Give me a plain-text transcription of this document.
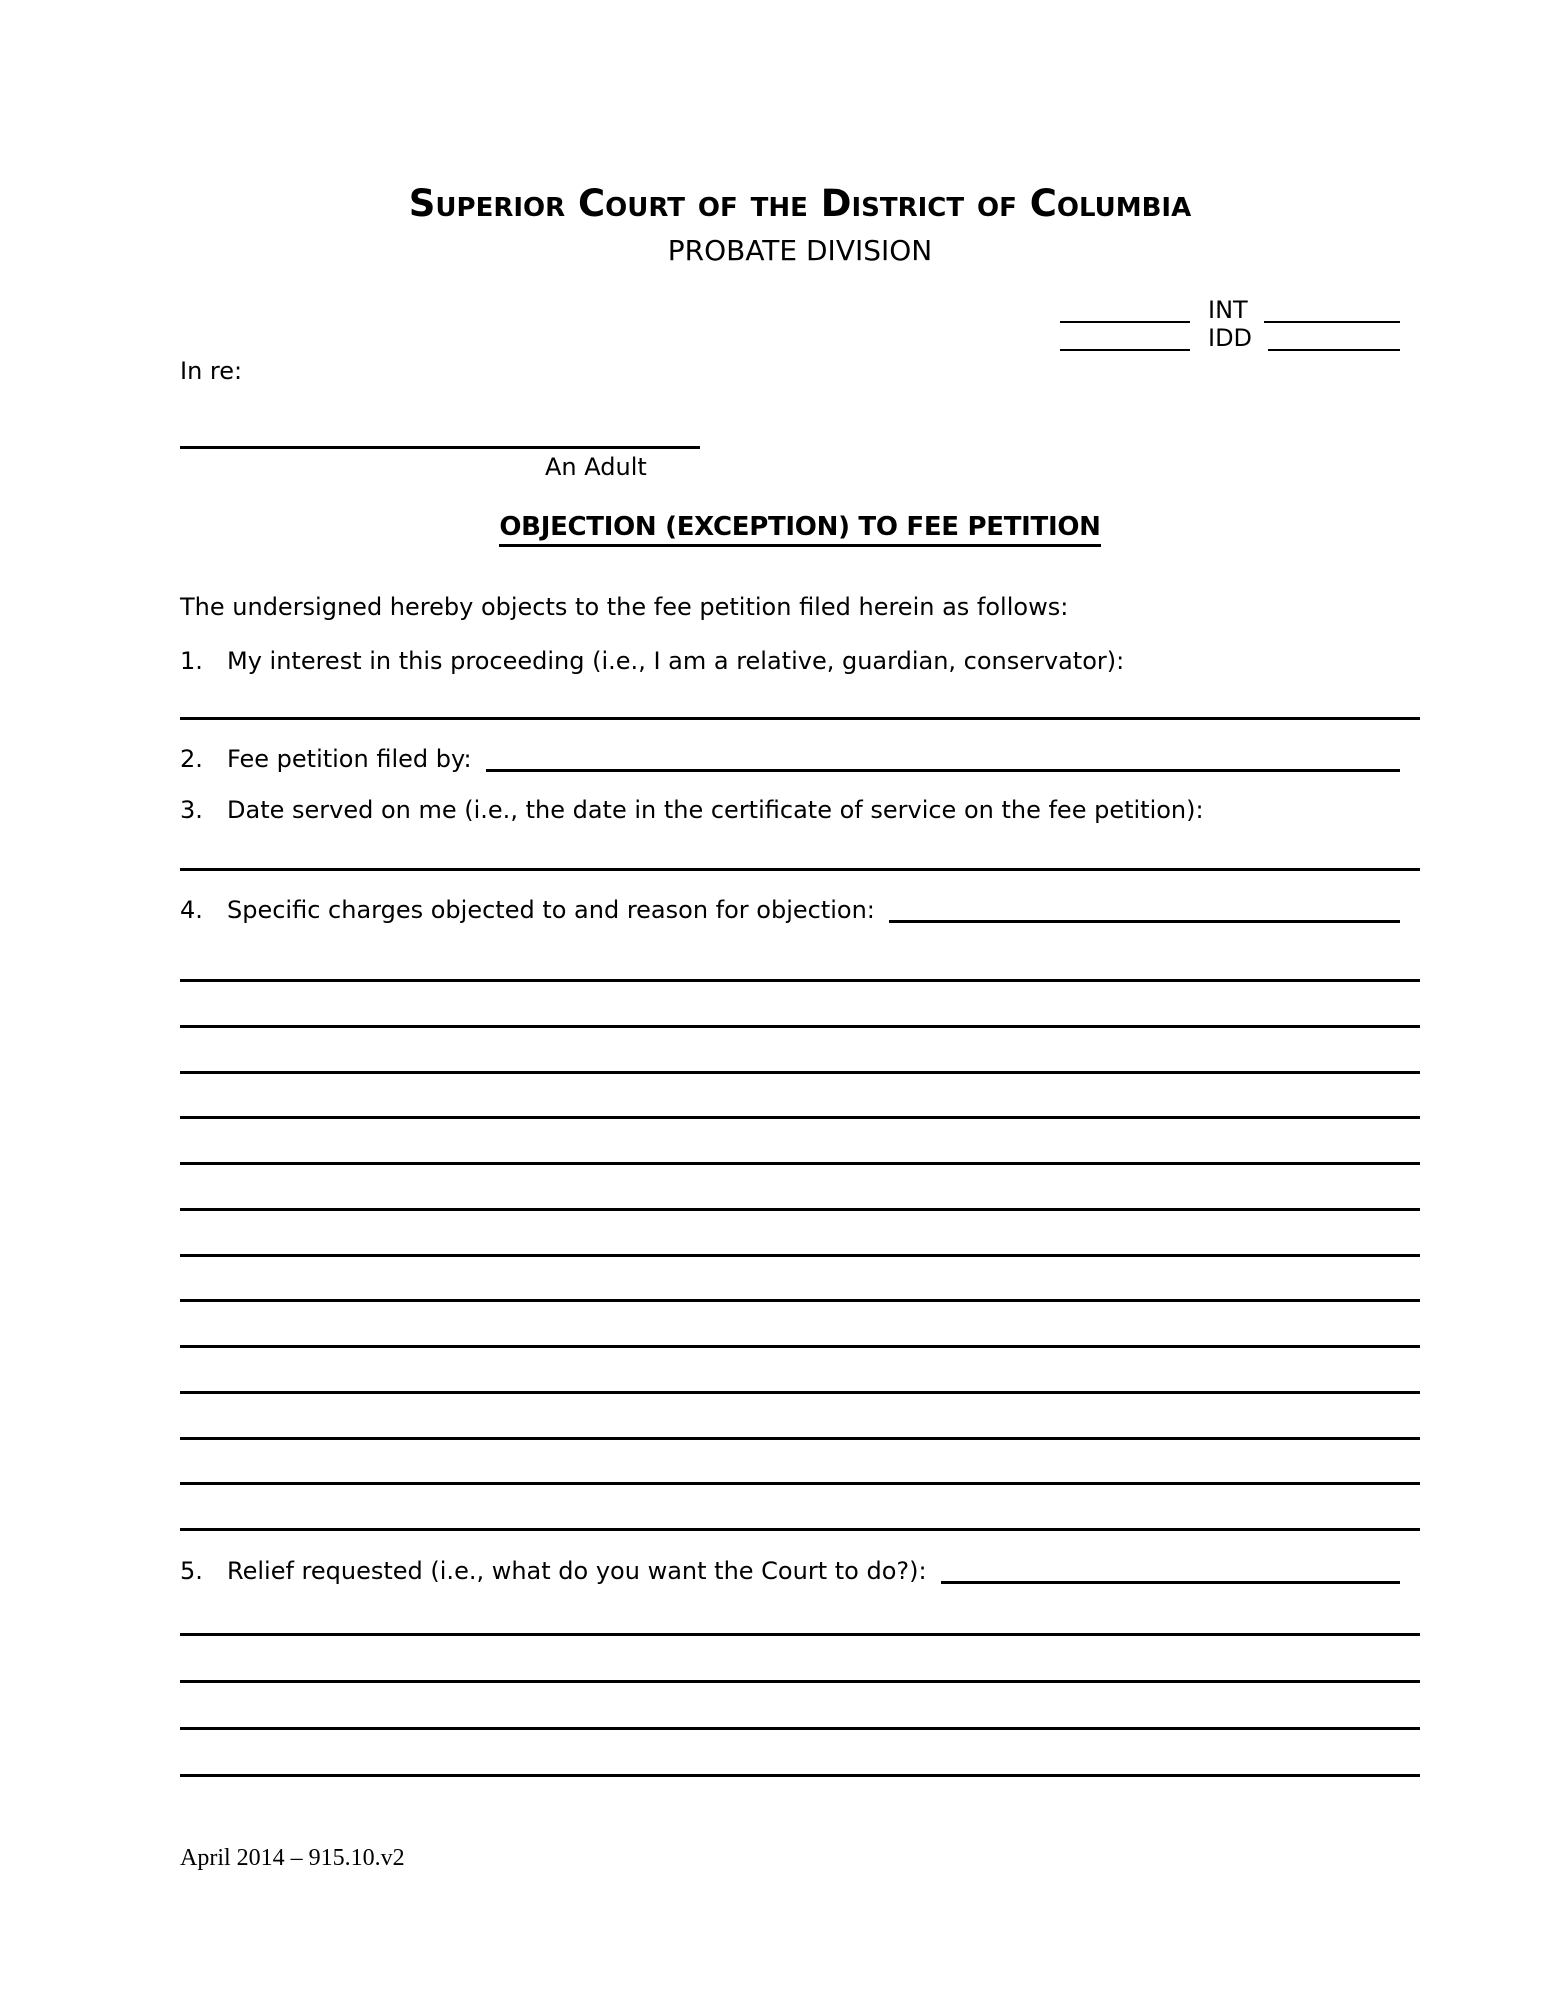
Superior Court of the District of Columbia
PROBATE DIVISION
INT
IDD
In re:
An Adult
OBJECTION (EXCEPTION) TO FEE PETITION
The undersigned hereby objects to the fee petition filed herein as follows:
1.	My interest in this proceeding (i.e., I am a relative, guardian, conservator):
2.	Fee petition filed by:
3.	Date served on me (i.e., the date in the certificate of service on the fee petition):
4.	Specific charges objected to and reason for objection:
5.	Relief requested (i.e., what do you want the Court to do?):
April 2014 – 915.10.v2
